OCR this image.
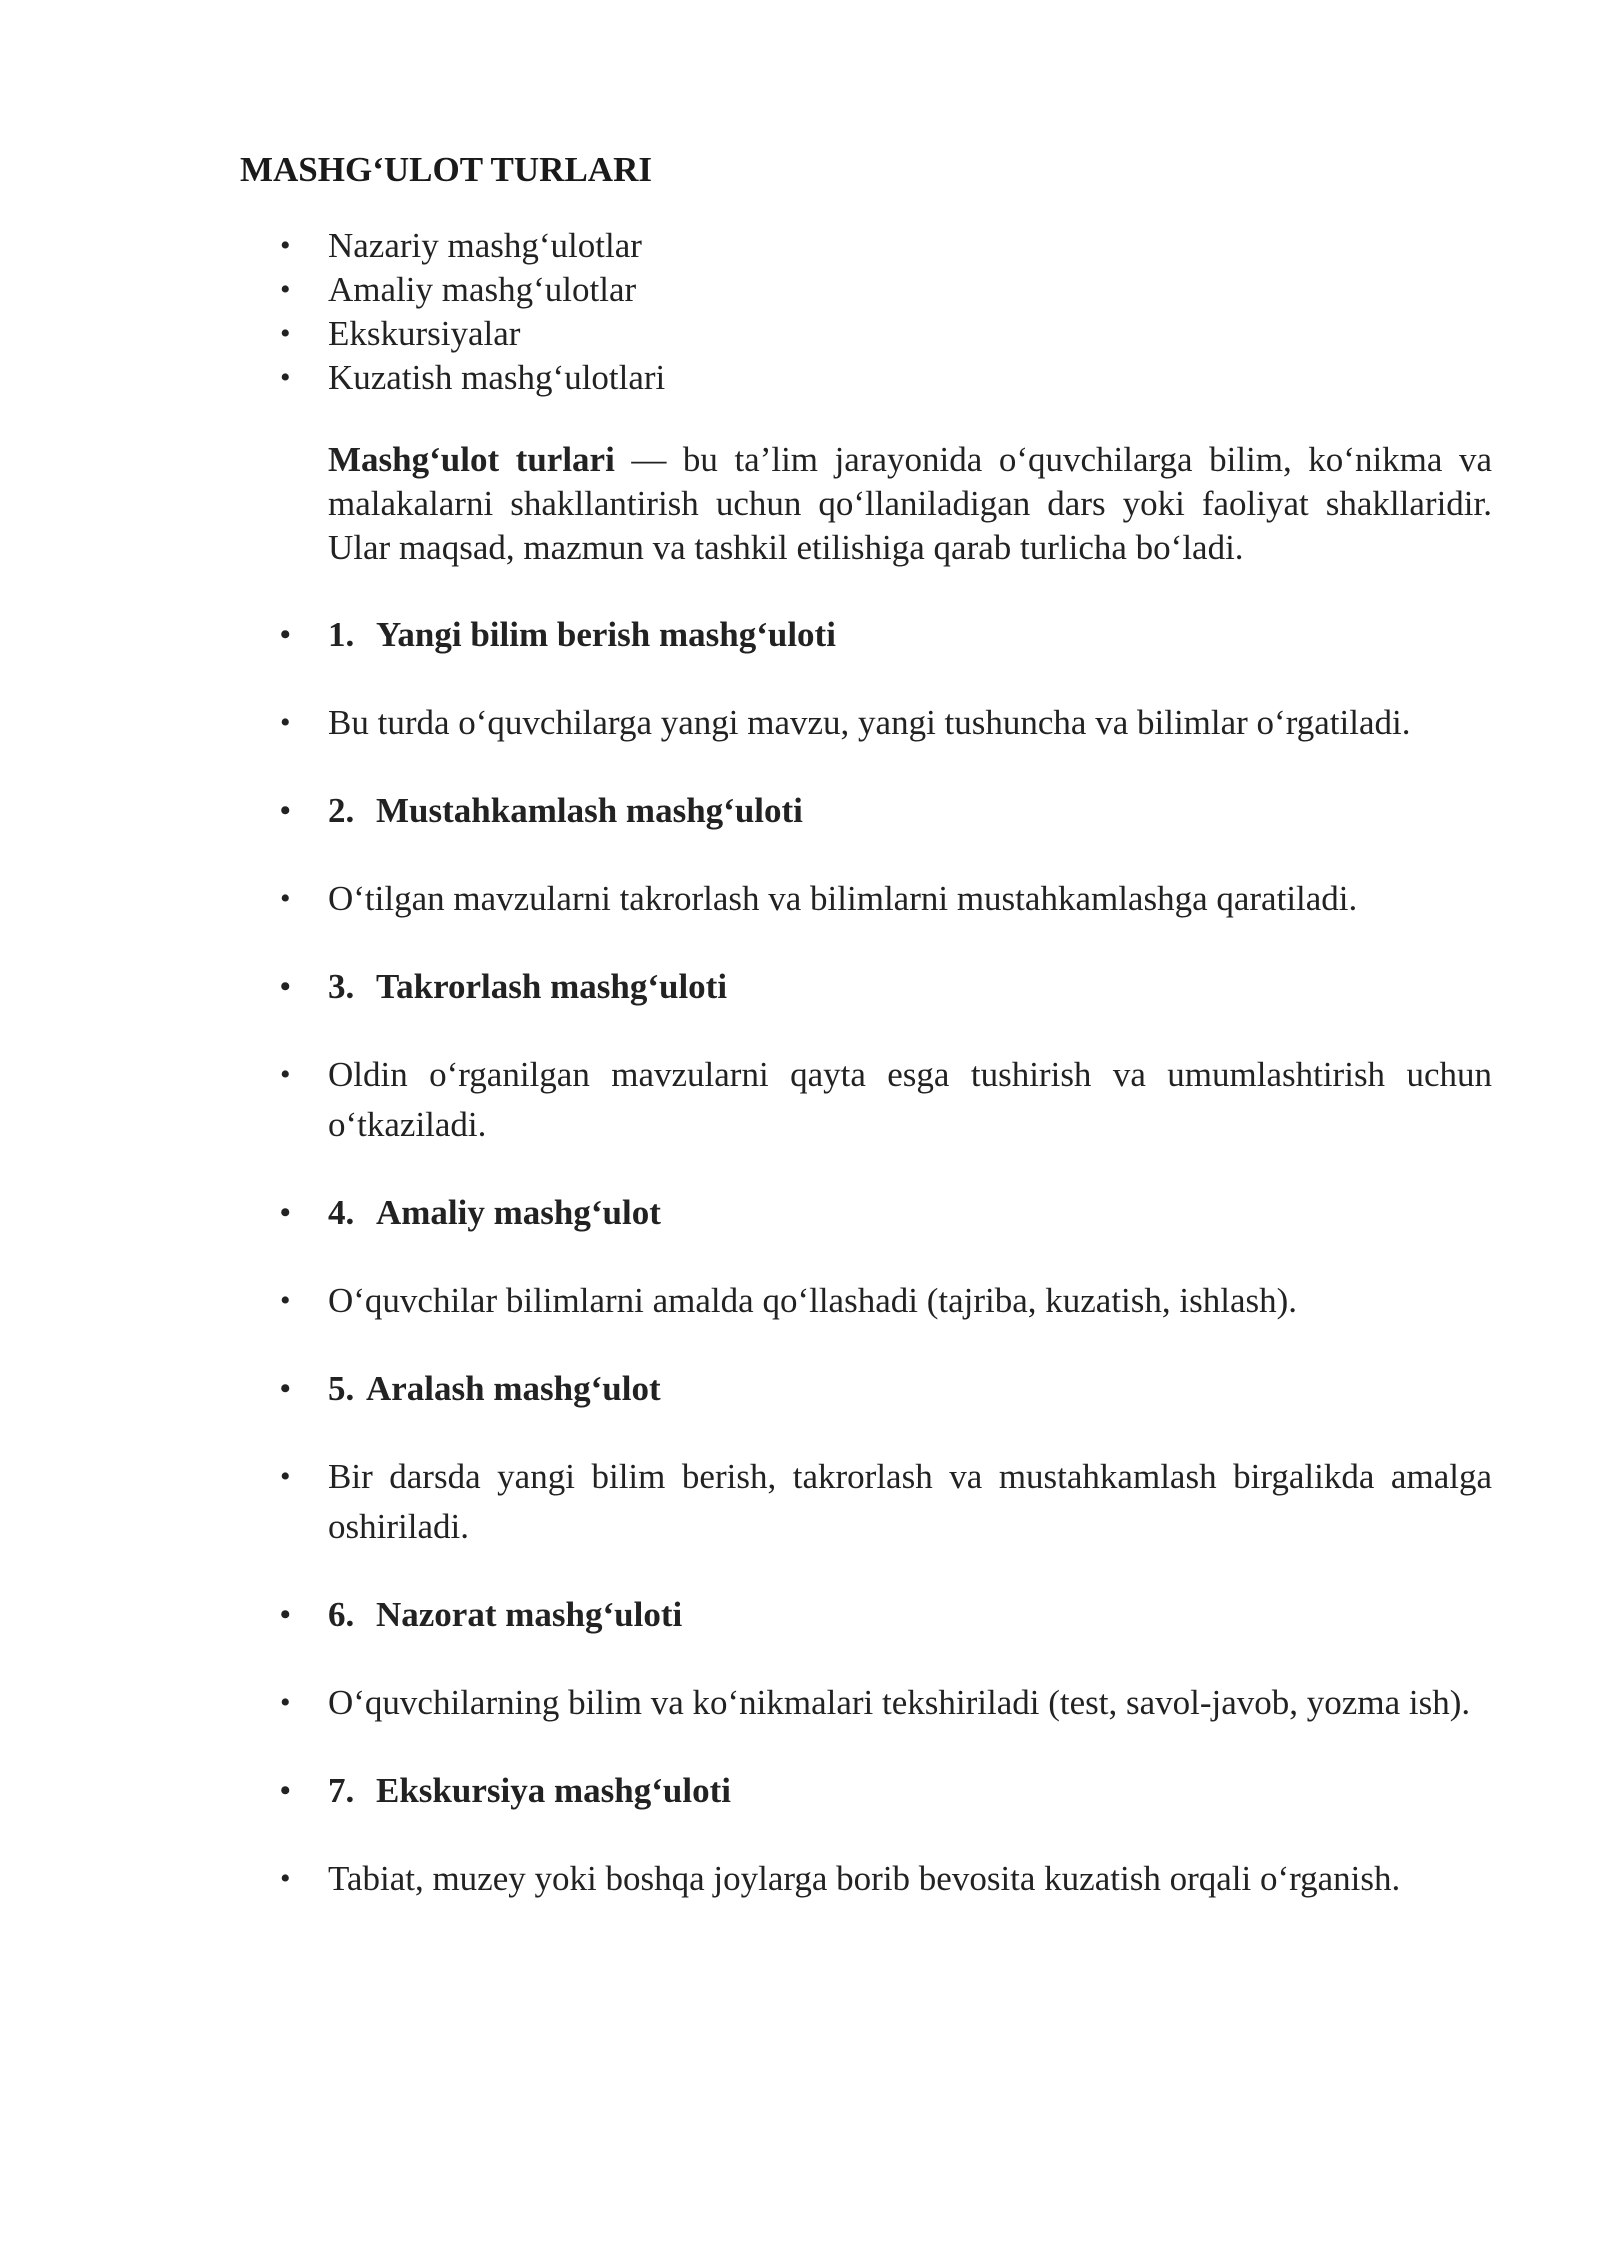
MASHG‘ULOT TURLARI
• Nazariy mashg‘ulotlar
• Amaliy mashg‘ulotlar
• Ekskursiyalar
• Kuzatish mashg‘ulotlari

Mashg‘ulot turlari — bu ta’lim jarayonida o‘quvchilarga bilim, ko‘nikma va malakalarni shakllantirish uchun qo‘llaniladigan dars yoki faoliyat shakllaridir. Ular maqsad, mazmun va tashkil etilishiga qarab turlicha bo‘ladi.

• 1. Yangi bilim berish mashg‘uloti
• Bu turda o‘quvchilarga yangi mavzu, yangi tushuncha va bilimlar o‘rgatiladi.
• 2. Mustahkamlash mashg‘uloti
• O‘tilgan mavzularni takrorlash va bilimlarni mustahkamlashga qaratiladi.
• 3. Takrorlash mashg‘uloti
• Oldin o‘rganilgan mavzularni qayta esga tushirish va umumlashtirish uchun o‘tkaziladi.
• 4. Amaliy mashg‘ulot
• O‘quvchilar bilimlarni amalda qo‘llashadi (tajriba, kuzatish, ishlash).
• 5. Aralash mashg‘ulot
• Bir darsda yangi bilim berish, takrorlash va mustahkamlash birgalikda amalga oshiriladi.
• 6. Nazorat mashg‘uloti
• O‘quvchilarning bilim va ko‘nikmalari tekshiriladi (test, savol-javob, yozma ish).
• 7. Ekskursiya mashg‘uloti
• Tabiat, muzey yoki boshqa joylarga borib bevosita kuzatish orqali o‘rganish.
